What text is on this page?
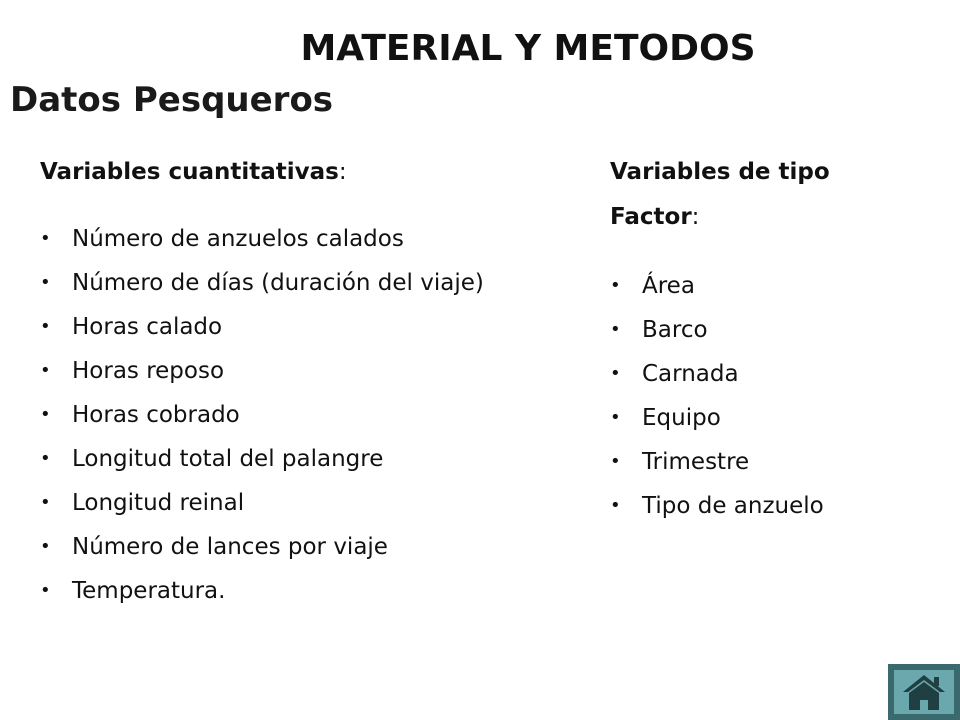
MATERIAL Y METODOS
Datos Pesqueros
Variables cuantitativas:
• Número de anzuelos calados
• Número de días (duración del viaje)
• Horas calado
• Horas reposo
• Horas cobrado
• Longitud total del palangre
• Longitud reinal
• Número de lances por viaje
• Temperatura.
Variables de tipo
Factor:
• Área
• Barco
• Carnada
• Equipo
• Trimestre
• Tipo de anzuelo
